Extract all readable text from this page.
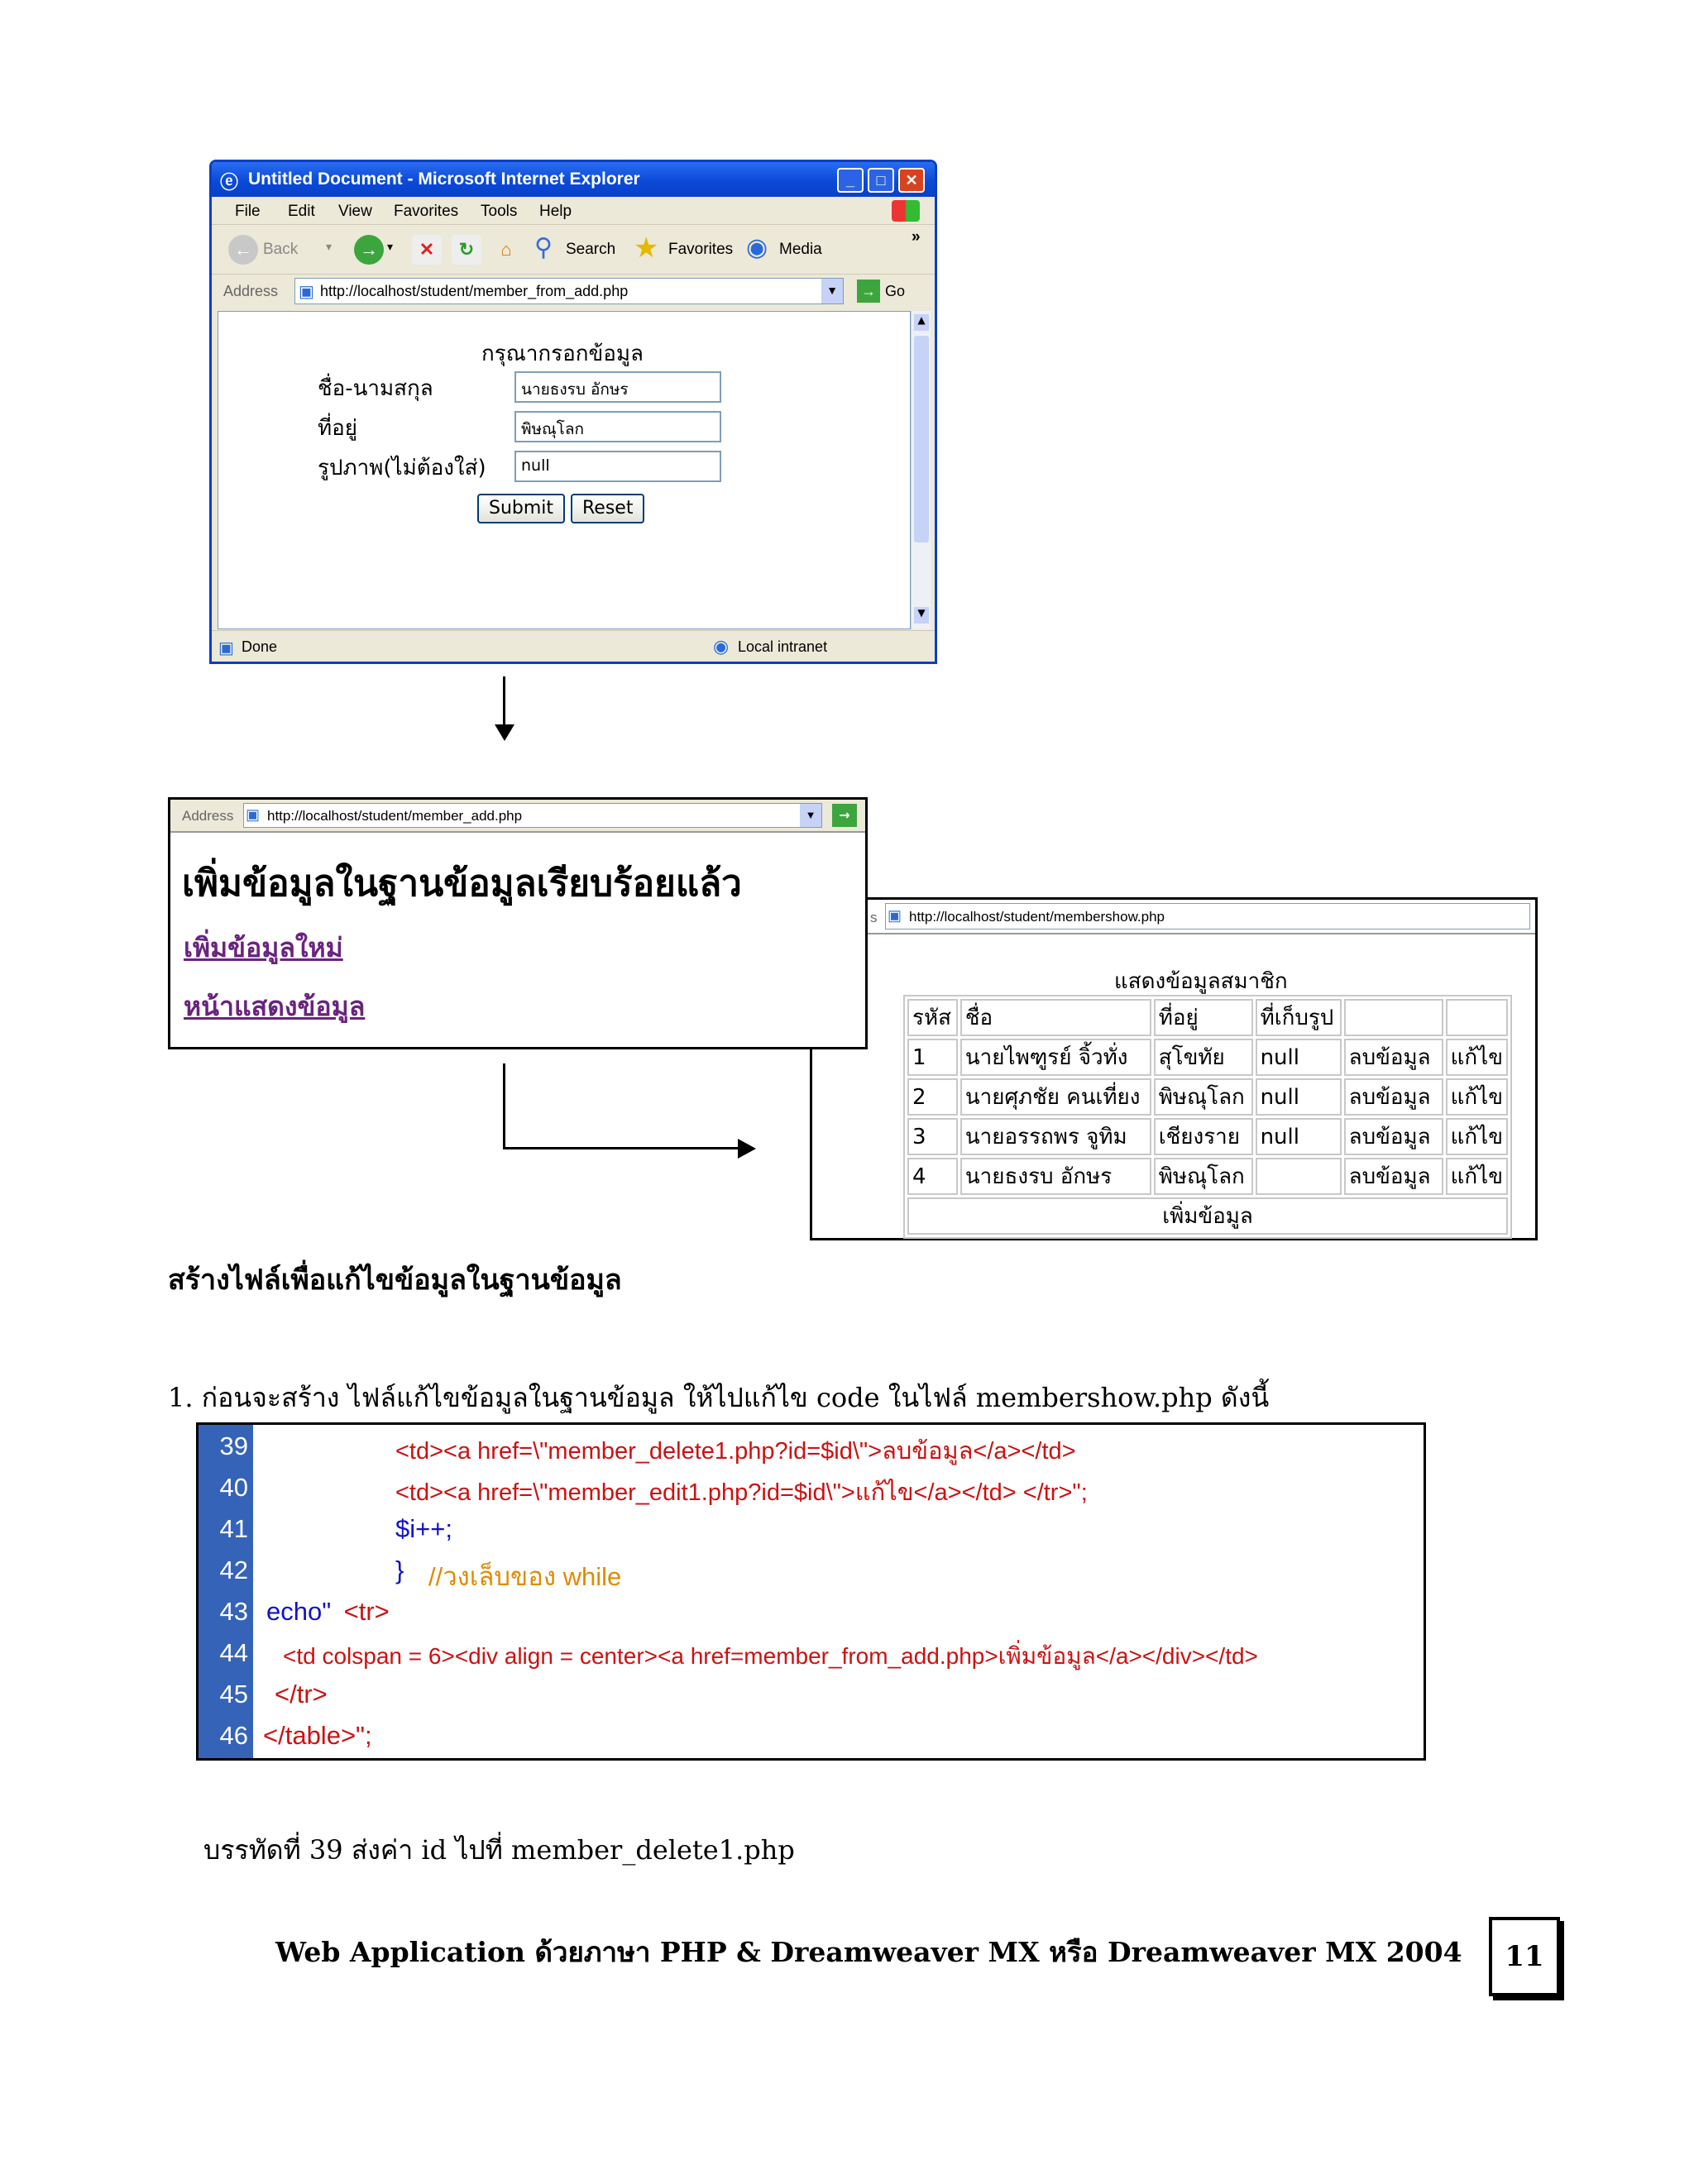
ⓔ Untitled Document - Microsoft Internet Explorer	_	□	✕
File Edit View Favorites Tools Help
← Back ▾	→ ▾	✕	↻	⌂ ⚲ Search ★ Favorites ◉ Media
»
Address ▣ http://localhost/student/member_from_add.php	▼	→ Go
กรุณากรอกข้อมูล
ชื่อ-นามสกุล	นายธงรบ อักษร
ที่อยู่	พิษณุโลก
รูปภาพ(ไม่ต้องใส่)	null
Submit	Reset
▲
▼
▣ Done	◉ Local intranet
s ▣ http://localhost/student/membershow.php
แสดงข้อมูลสมาชิก
รหัส	ชื่อ	ที่อยู่	ที่เก็บรูป		
1	นายไพฑูรย์ จิ้วทั่ง	สุโขทัย	null	ลบข้อมูล	แก้ไข
2	นายศุภชัย คนเที่ยง	พิษณุโลก	null	ลบข้อมูล	แก้ไข
3	นายอรรถพร จูทิม	เชียงราย	null	ลบข้อมูล	แก้ไข
4	นายธงรบ อักษร	พิษณุโลก		ลบข้อมูล	แก้ไข
เพิ่มข้อมูล					
Address ▣ http://localhost/student/member_add.php	▼	→
เพิ่มข้อมูลในฐานข้อมูลเรียบร้อยแล้ว
เพิ่มข้อมูลใหม่
หน้าแสดงข้อมูล
สร้างไฟล์เพื่อแก้ไขข้อมูลในฐานข้อมูล
1. ก่อนจะสร้าง ไฟล์แก้ไขข้อมูลในฐานข้อมูล ให้ไปแก้ไข code ในไฟล์ membershow.php ดังนี้
39
40
41
42
43
44
45
46
<td><a href=\"member_delete1.php?id=$id\">ลบข้อมูล</a></td>
<td><a href=\"member_edit1.php?id=$id\">แก้ไข</a></td> </tr>";
$i++;
} //วงเล็บของ while
echo" <tr>
<td colspan = 6><div align = center><a href=member_from_add.php>เพิ่มข้อมูล</a></div></td>
</tr>
</table>";
บรรทัดที่ 39 ส่งค่า id ไปที่ member_delete1.php
Web Application ด้วยภาษา PHP & Dreamweaver MX หรือ Dreamweaver MX 2004	11
